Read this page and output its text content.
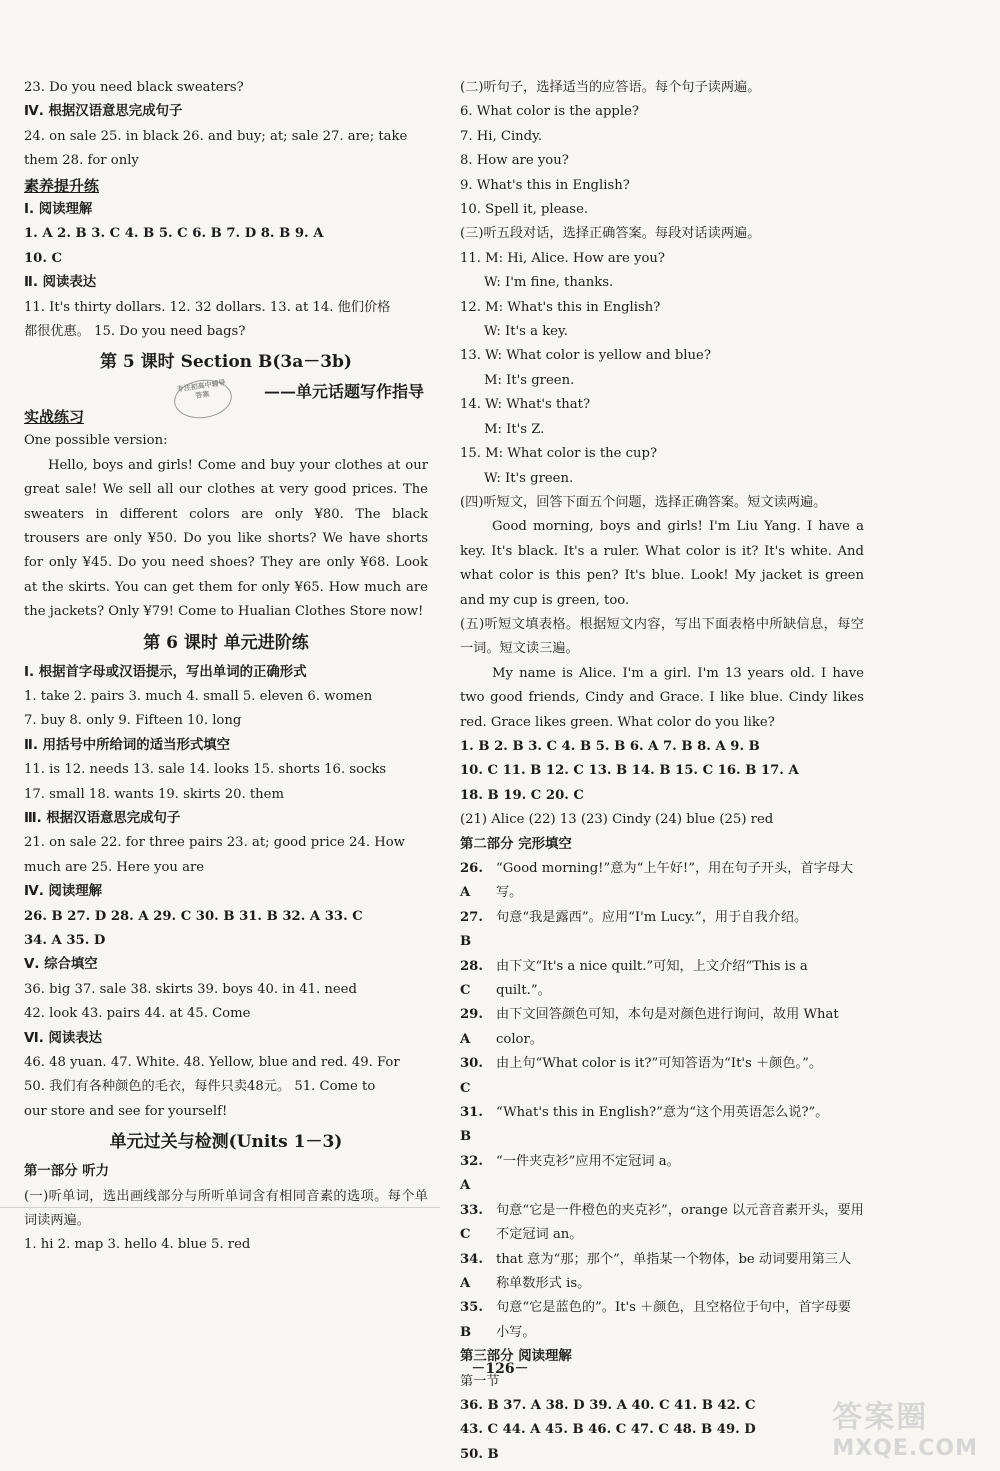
23. Do you need black sweaters?
Ⅳ. 根据汉语意思完成句子
24. on sale 25. in black 26. and buy; at; sale 27. are; take
them 28. for only
素养提升练
Ⅰ. 阅读理解
1. A 2. B 3. C 4. B 5. C 6. B 7. D 8. B 9. A
10. C
Ⅱ. 阅读表达
11. It's thirty dollars. 12. 32 dollars. 13. at 14. 他们价格
都很优惠。 15. Do you need bags?
第 5 课时 Section B(3a－3b)
专注初高中辅导 答案	——单元话题写作指导
实战练习
One possible version:
Hello, boys and girls! Come and buy your clothes at our great sale! We sell all our clothes at very good prices. The sweaters in different colors are only ¥80. The black trousers are only ¥50. Do you like shorts? We have shorts for only ¥45. Do you need shoes? They are only ¥68. Look at the skirts. You can get them for only ¥65. How much are the jackets? Only ¥79! Come to Hualian Clothes Store now!
第 6 课时 单元进阶练
Ⅰ. 根据首字母或汉语提示，写出单词的正确形式
1. take 2. pairs 3. much 4. small 5. eleven 6. women
7. buy 8. only 9. Fifteen 10. long
Ⅱ. 用括号中所给词的适当形式填空
11. is 12. needs 13. sale 14. looks 15. shorts 16. socks
17. small 18. wants 19. skirts 20. them
Ⅲ. 根据汉语意思完成句子
21. on sale 22. for three pairs 23. at; good price 24. How
much are 25. Here you are
Ⅳ. 阅读理解
26. B 27. D 28. A 29. C 30. B 31. B 32. A 33. C
34. A 35. D
Ⅴ. 综合填空
36. big 37. sale 38. skirts 39. boys 40. in 41. need
42. look 43. pairs 44. at 45. Come
Ⅵ. 阅读表达
46. 48 yuan. 47. White. 48. Yellow, blue and red. 49. For
50. 我们有各种颜色的毛衣，每件只卖48元。 51. Come to
our store and see for yourself!
单元过关与检测(Units 1－3)
第一部分 听力
(一)听单词，选出画线部分与所听单词含有相同音素的选项。每个单词读两遍。
1. hi 2. map 3. hello 4. blue 5. red
(二)听句子，选择适当的应答语。每个句子读两遍。
6. What color is the apple?
7. Hi, Cindy.
8. How are you?
9. What's this in English?
10. Spell it, please.
(三)听五段对话，选择正确答案。每段对话读两遍。
11. M: Hi, Alice. How are you?
W: I'm fine, thanks.
12. M: What's this in English?
W: It's a key.
13. W: What color is yellow and blue?
M: It's green.
14. W: What's that?
M: It's Z.
15. M: What color is the cup?
W: It's green.
(四)听短文，回答下面五个问题，选择正确答案。短文读两遍。
Good morning, boys and girls! I'm Liu Yang. I have a key. It's black. It's a ruler. What color is it? It's white. And what color is this pen? It's blue. Look! My jacket is green and my cup is green, too.
(五)听短文填表格。根据短文内容，写出下面表格中所缺信息，每空一词。短文读三遍。
My name is Alice. I'm a girl. I'm 13 years old. I have two good friends, Cindy and Grace. I like blue. Cindy likes red. Grace likes green. What color do you like?
1. B 2. B 3. C 4. B 5. B 6. A 7. B 8. A 9. B
10. C 11. B 12. C 13. B 14. B 15. C 16. B 17. A
18. B 19. C 20. C
(21) Alice (22) 13 (23) Cindy (24) blue (25) red
第二部分 完形填空
26. A
“Good morning!”意为“上午好!”，用在句子开头，首字母大写。
27. B
句意“我是露西”。应用“I'm Lucy.”，用于自我介绍。
28. C
由下文“It's a nice quilt.”可知，上文介绍“This is a quilt.”。
29. A
由下文回答颜色可知，本句是对颜色进行询问，故用 What color。
30. C
由上句“What color is it?”可知答语为“It's ＋颜色。”。
31. B
“What's this in English?”意为“这个用英语怎么说?”。
32. A
“一件夹克衫”应用不定冠词 a。
33. C
句意“它是一件橙色的夹克衫”，orange 以元音音素开头，要用不定冠词 an。
34. A
that 意为“那；那个”，单指某一个物体，be 动词要用第三人称单数形式 is。
35. B
句意“它是蓝色的”。It's ＋颜色，且空格位于句中，首字母要小写。
第三部分 阅读理解
第一节
36. B 37. A 38. D 39. A 40. C 41. B 42. C
43. C 44. A 45. B 46. C 47. C 48. B 49. D
50. B
－126－
答案圈
MXQE.COM
